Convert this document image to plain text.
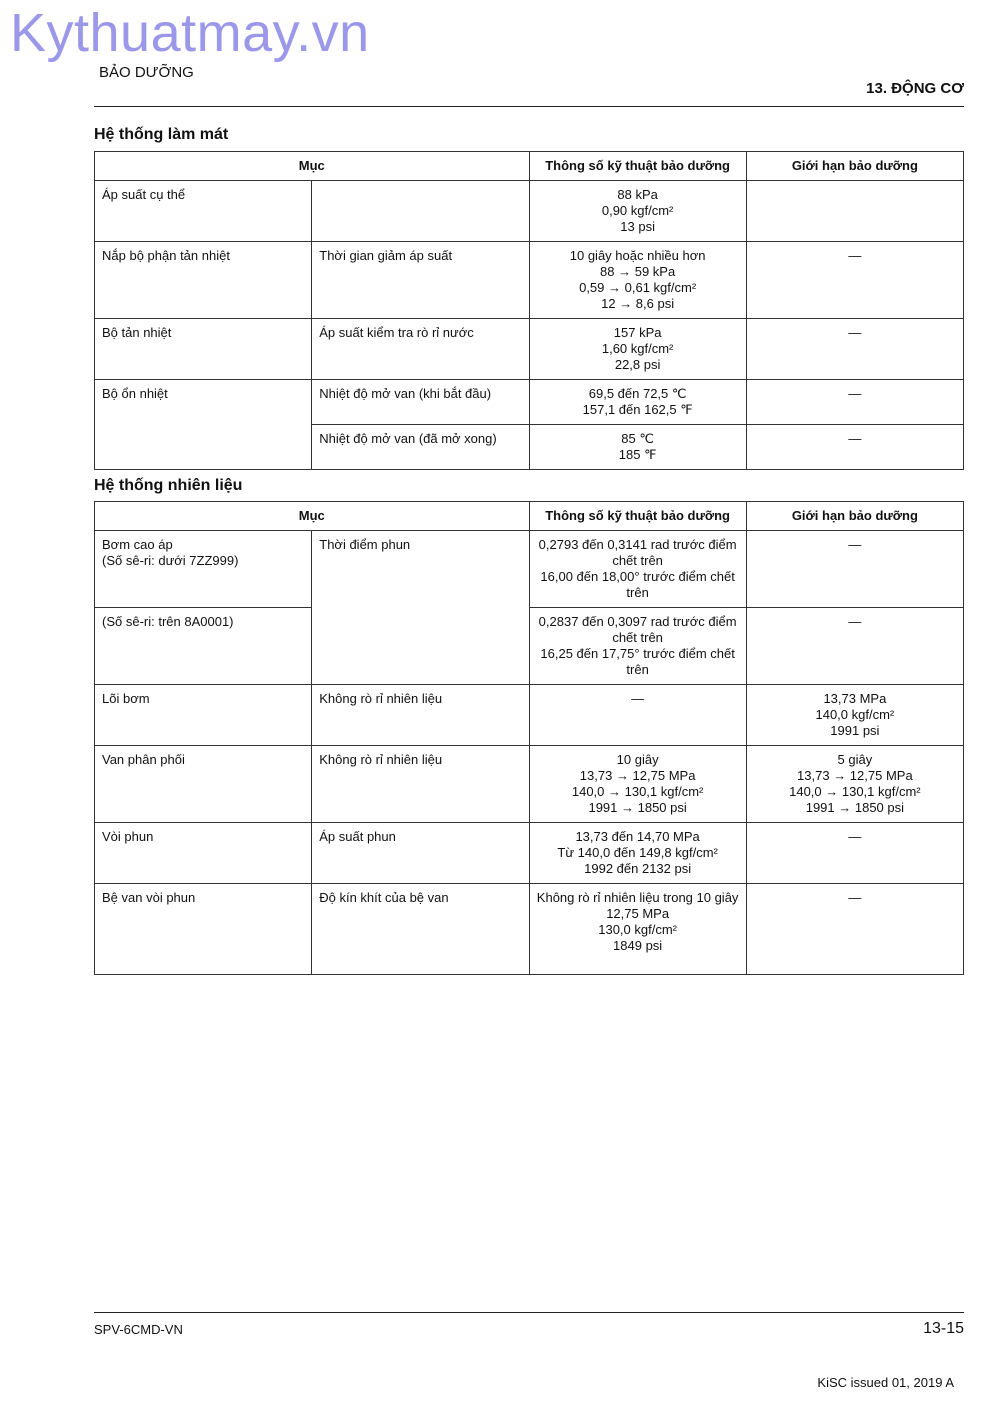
Kythuatmay.vn
BẢO DƯỠNG
13. ĐỘNG CƠ
Hệ thống làm mát
Mục		Thông số kỹ thuật bảo dưỡng	Giới hạn bảo dưỡng
Áp suất cụ thể		88 kPa
0,90 kgf/cm²
13 psi	

Nắp bộ phận tản nhiệt	Thời gian giảm áp suất	10 giây hoặc nhiều hơn
88 → 59 kPa
0,59 → 0,61 kgf/cm²
12 → 8,6 psi	—
Bộ tản nhiệt	Áp suất kiểm tra rò rỉ nước	157 kPa
1,60 kgf/cm²
22,8 psi	—
Bộ ổn nhiệt	Nhiệt độ mở van (khi bắt đầu)	69,5 đến 72,5 ℃
157,1 đến 162,5 ℉	—
	Nhiệt độ mở van (đã mở xong)	85 ℃
185 ℉	—
Hệ thống nhiên liệu
Mục		Thông số kỹ thuật bảo dưỡng	Giới hạn bảo dưỡng

Bơm cao áp
(Số sê-ri: dưới 7ZZ999)	Thời điểm phun	0,2793 đến 0,3141 rad trước điểm chết trên
16,00 đến 18,00° trước điểm chết trên	—
(Số sê-ri: trên 8A0001)		0,2837 đến 0,3097 rad trước điểm chết trên
16,25 đến 17,75° trước điểm chết trên	—
Lõi bơm	Không rò rỉ nhiên liệu	—	13,73 MPa
140,0 kgf/cm²
1991 psi

Van phân phối	Không rò rỉ nhiên liệu	10 giây
13,73 → 12,75 MPa
140,0 → 130,1 kgf/cm²
1991 → 1850 psi	5 giây
13,73 → 12,75 MPa
140,0 → 130,1 kgf/cm²
1991 → 1850 psi

Vòi phun	Áp suất phun	13,73 đến 14,70 MPa
Từ 140,0 đến 149,8 kgf/cm²
1992 đến 2132 psi	—
Bệ van vòi phun	Độ kín khít của bệ van	Không rò rỉ nhiên liệu trong 10 giây
12,75 MPa
130,0 kgf/cm²
1849 psi	—
SPV-6CMD-VN	13-15
KiSC issued 01, 2019 A
